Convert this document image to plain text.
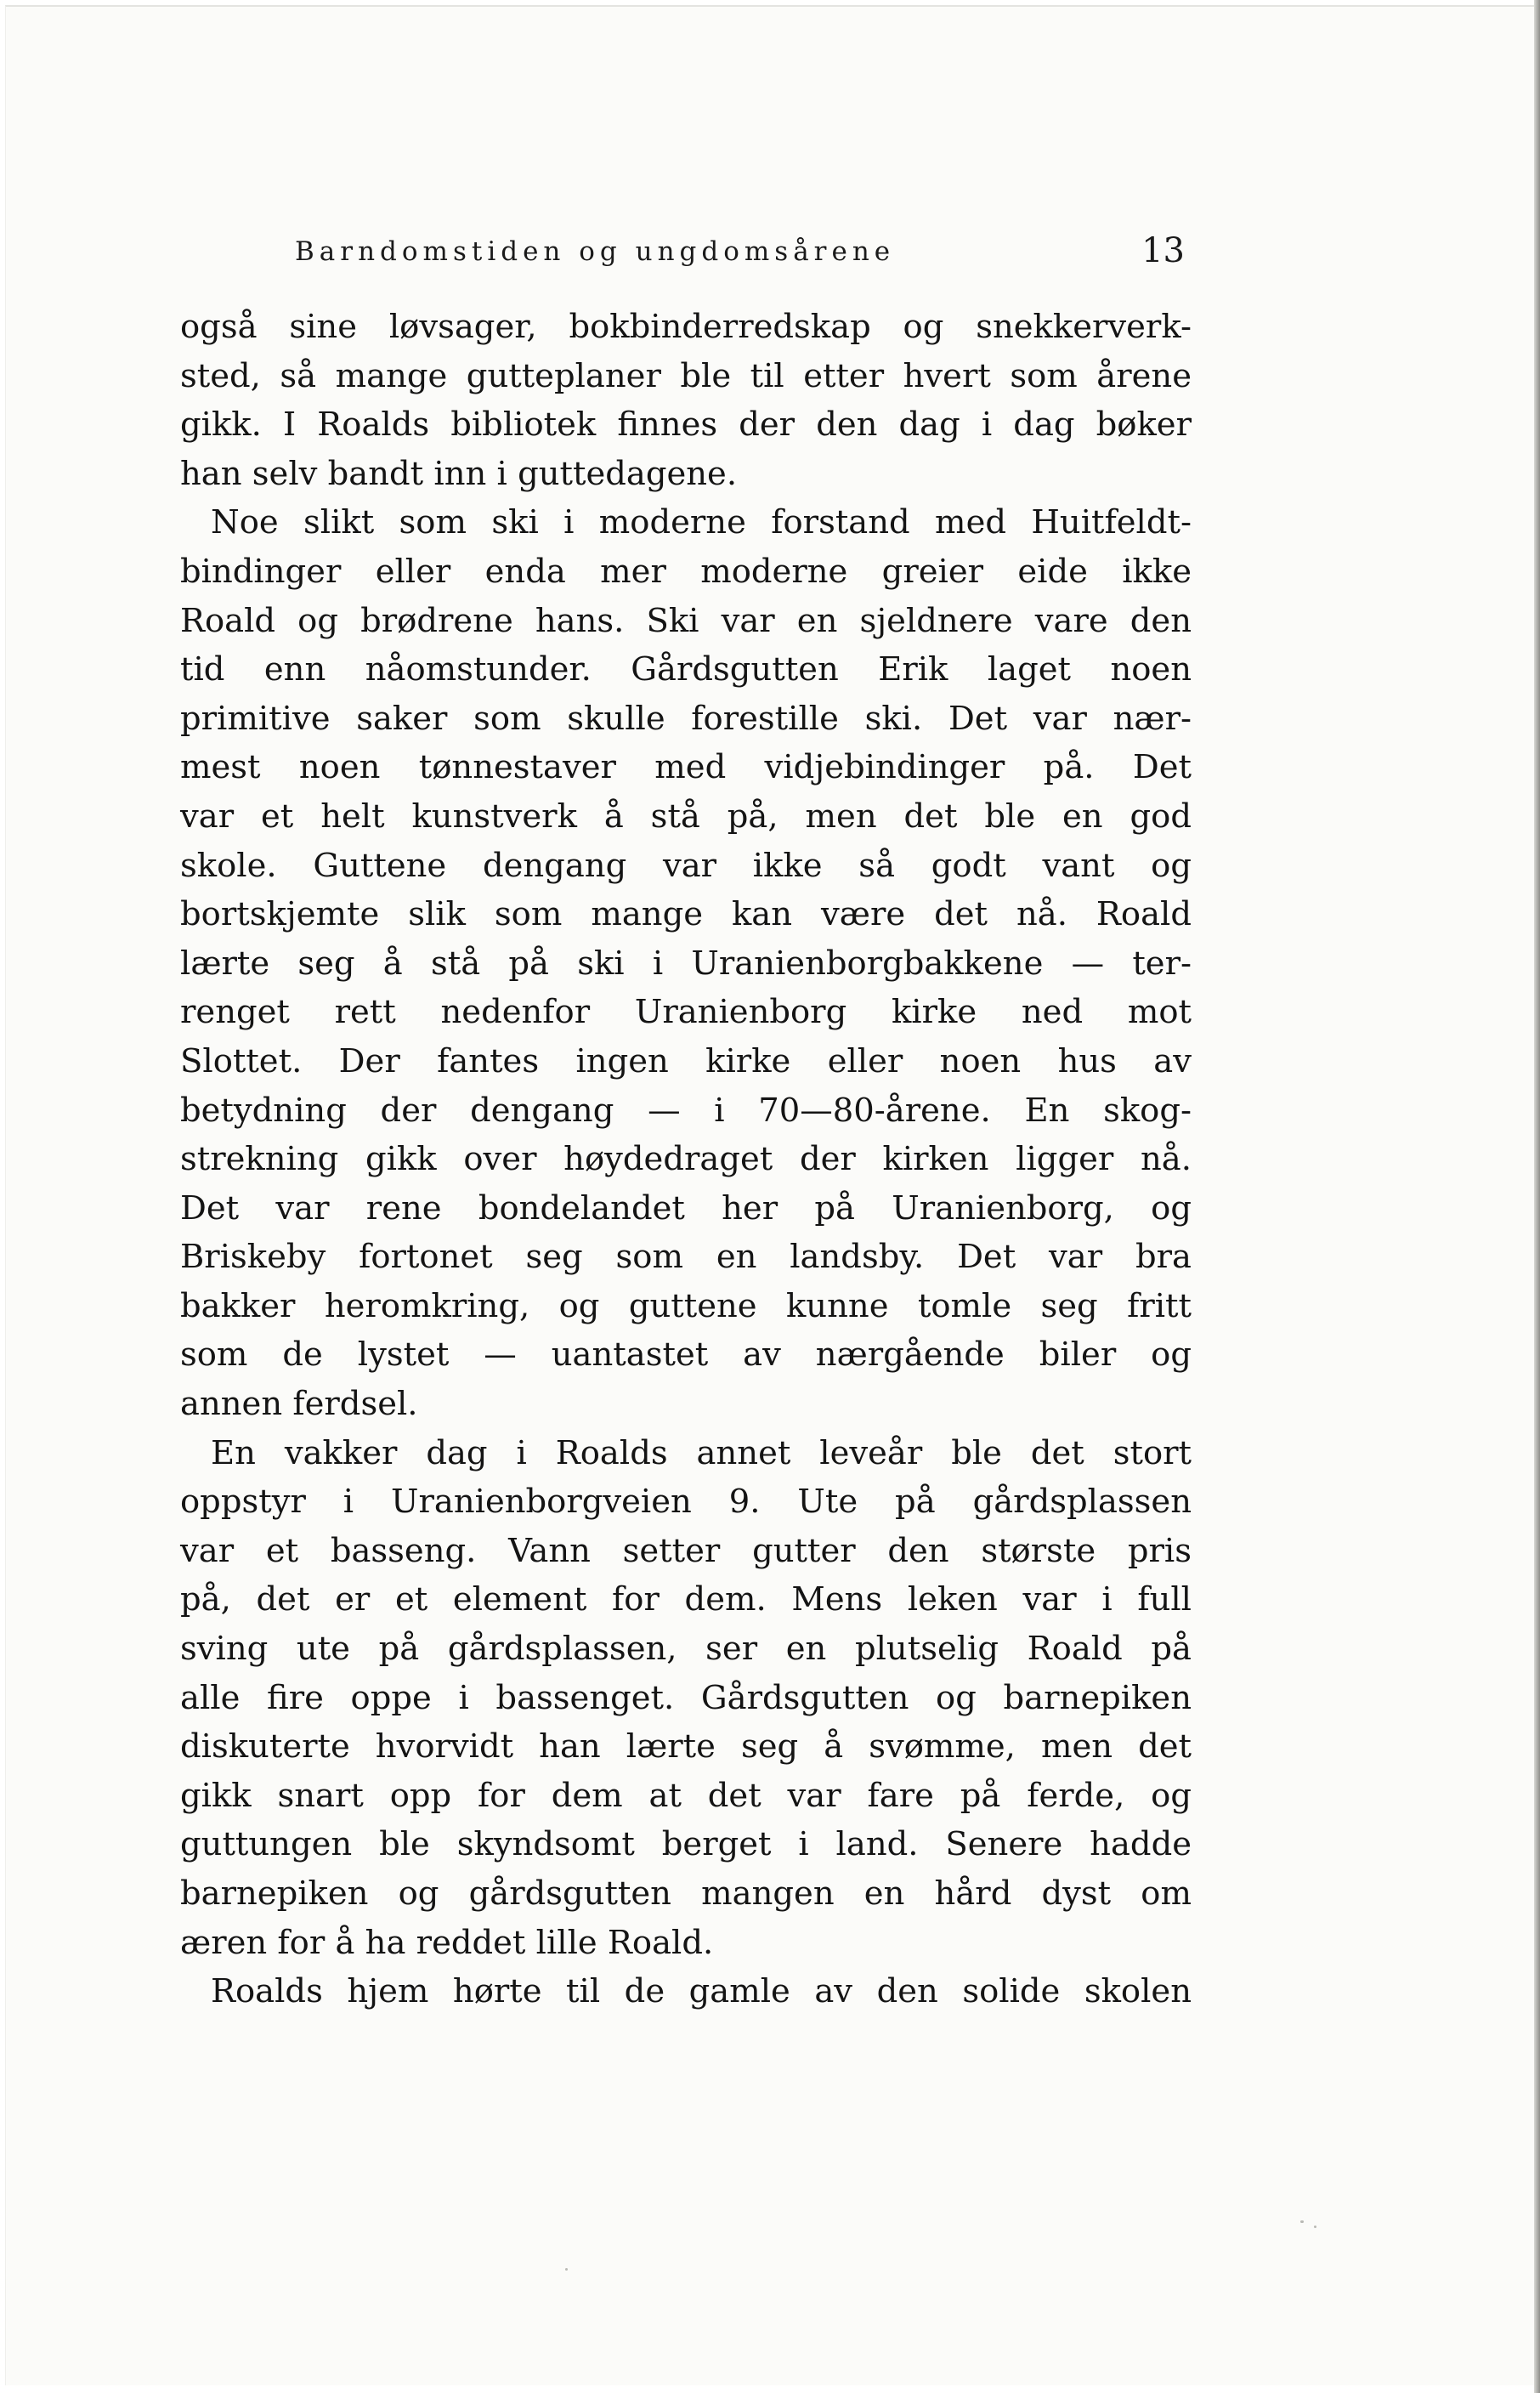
Barndomstiden og ungdomsårene	13
også sine løvsager, bokbinderredskap og snekkerverk-
sted, så mange gutteplaner ble til etter hvert som årene
gikk. I Roalds bibliotek finnes der den dag i dag bøker
han selv bandt inn i guttedagene.
Noe slikt som ski i moderne forstand med Huitfeldt-
bindinger eller enda mer moderne greier eide ikke
Roald og brødrene hans. Ski var en sjeldnere vare den
tid enn nåomstunder. Gårdsgutten Erik laget noen
primitive saker som skulle forestille ski. Det var nær-
mest noen tønnestaver med vidjebindinger på. Det
var et helt kunstverk å stå på, men det ble en god
skole. Guttene dengang var ikke så godt vant og
bortskjemte slik som mange kan være det nå. Roald
lærte seg å stå på ski i Uranienborgbakkene — ter-
renget rett nedenfor Uranienborg kirke ned mot
Slottet. Der fantes ingen kirke eller noen hus av
betydning der dengang — i 70—80-årene. En skog-
strekning gikk over høydedraget der kirken ligger nå.
Det var rene bondelandet her på Uranienborg, og
Briskeby fortonet seg som en landsby. Det var bra
bakker heromkring, og guttene kunne tomle seg fritt
som de lystet — uantastet av nærgående biler og
annen ferdsel.
En vakker dag i Roalds annet leveår ble det stort
oppstyr i Uranienborgveien 9. Ute på gårdsplassen
var et basseng. Vann setter gutter den største pris
på, det er et element for dem. Mens leken var i full
sving ute på gårdsplassen, ser en plutselig Roald på
alle fire oppe i bassenget. Gårdsgutten og barnepiken
diskuterte hvorvidt han lærte seg å svømme, men det
gikk snart opp for dem at det var fare på ferde, og
guttungen ble skyndsomt berget i land. Senere hadde
barnepiken og gårdsgutten mangen en hård dyst om
æren for å ha reddet lille Roald.
Roalds hjem hørte til de gamle av den solide skolen
